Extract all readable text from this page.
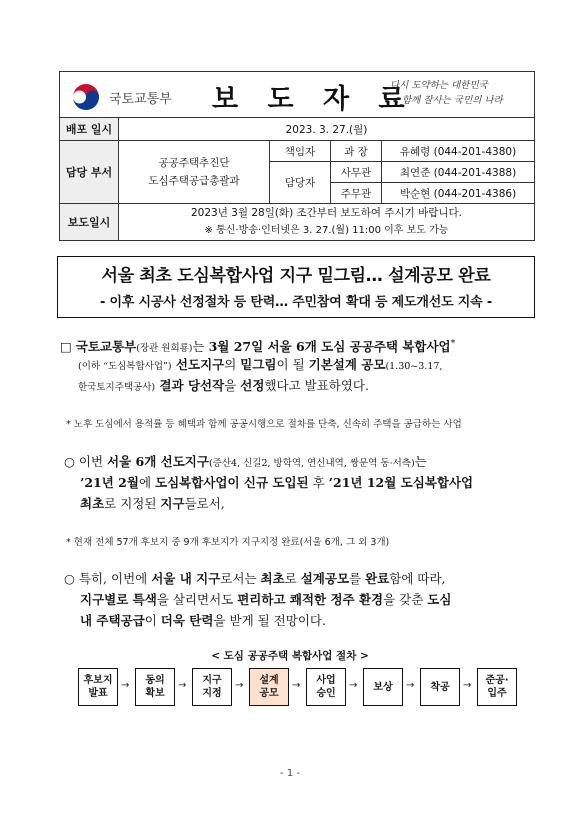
국토교통부 보 도 자 료
다시 도약하는 대한민국
함께 잘사는 국민의 나라
배포 일시	2023. 3. 27.(월)			
담당 부서	공공주택추진단
도심주택공급총괄과	책임자	과 장	유혜령 (044-201-4380)
		담당자	사무관	최연준 (044-201-4388)
			주무관	박순현 (044-201-4386)
보도일시	2023년 3월 28일(화) 조간부터 보도하여 주시기 바랍니다.
※ 통신·방송·인터넷은 3. 27.(월) 11:00 이후 보도 가능			
서울 최초 도심복합사업 지구 밑그림… 설계공모 완료
- 이후 시공사 선정절차 등 탄력… 주민참여 확대 등 제도개선도 지속 -
□ 국토교통부(장관 원희룡)는 3월 27일 서울 6개 도심 공공주택 복합사업*
(이하 “도심복합사업”) 선도지구의 밑그림이 될 기본설계 공모(1.30~3.17,
한국토지주택공사) 결과 당선작을 선정했다고 발표하였다.
* 노후 도심에서 용적률 등 혜택과 함께 공공시행으로 절차를 단축, 신속히 주택을 공급하는 사업
○ 이번 서울 6개 선도지구(증산4, 신길2, 방학역, 연신내역, 쌍문역 동·서측)는
’21년 2월에 도심복합사업이 신규 도입된 후 ’21년 12월 도심복합사업
최초로 지정된 지구들로서,
* 현재 전체 57개 후보지 중 9개 후보지가 지구지정 완료(서울 6개, 그 외 3개)
○ 특히, 이번에 서울 내 지구로서는 최초로 설계공모를 완료함에 따라,
지구별로 특색을 살리면서도 편리하고 쾌적한 정주 환경을 갖춘 도심
내 주택공급이 더욱 탄력을 받게 될 전망이다.
< 도심 공공주택 복합사업 절차 >
후보지
발표
→ 동의
확보
→ 지구
지정
→ 설계
공모
→ 사업
승인
→ 보상 → 착공 → 준공·
입주
- 1 -
